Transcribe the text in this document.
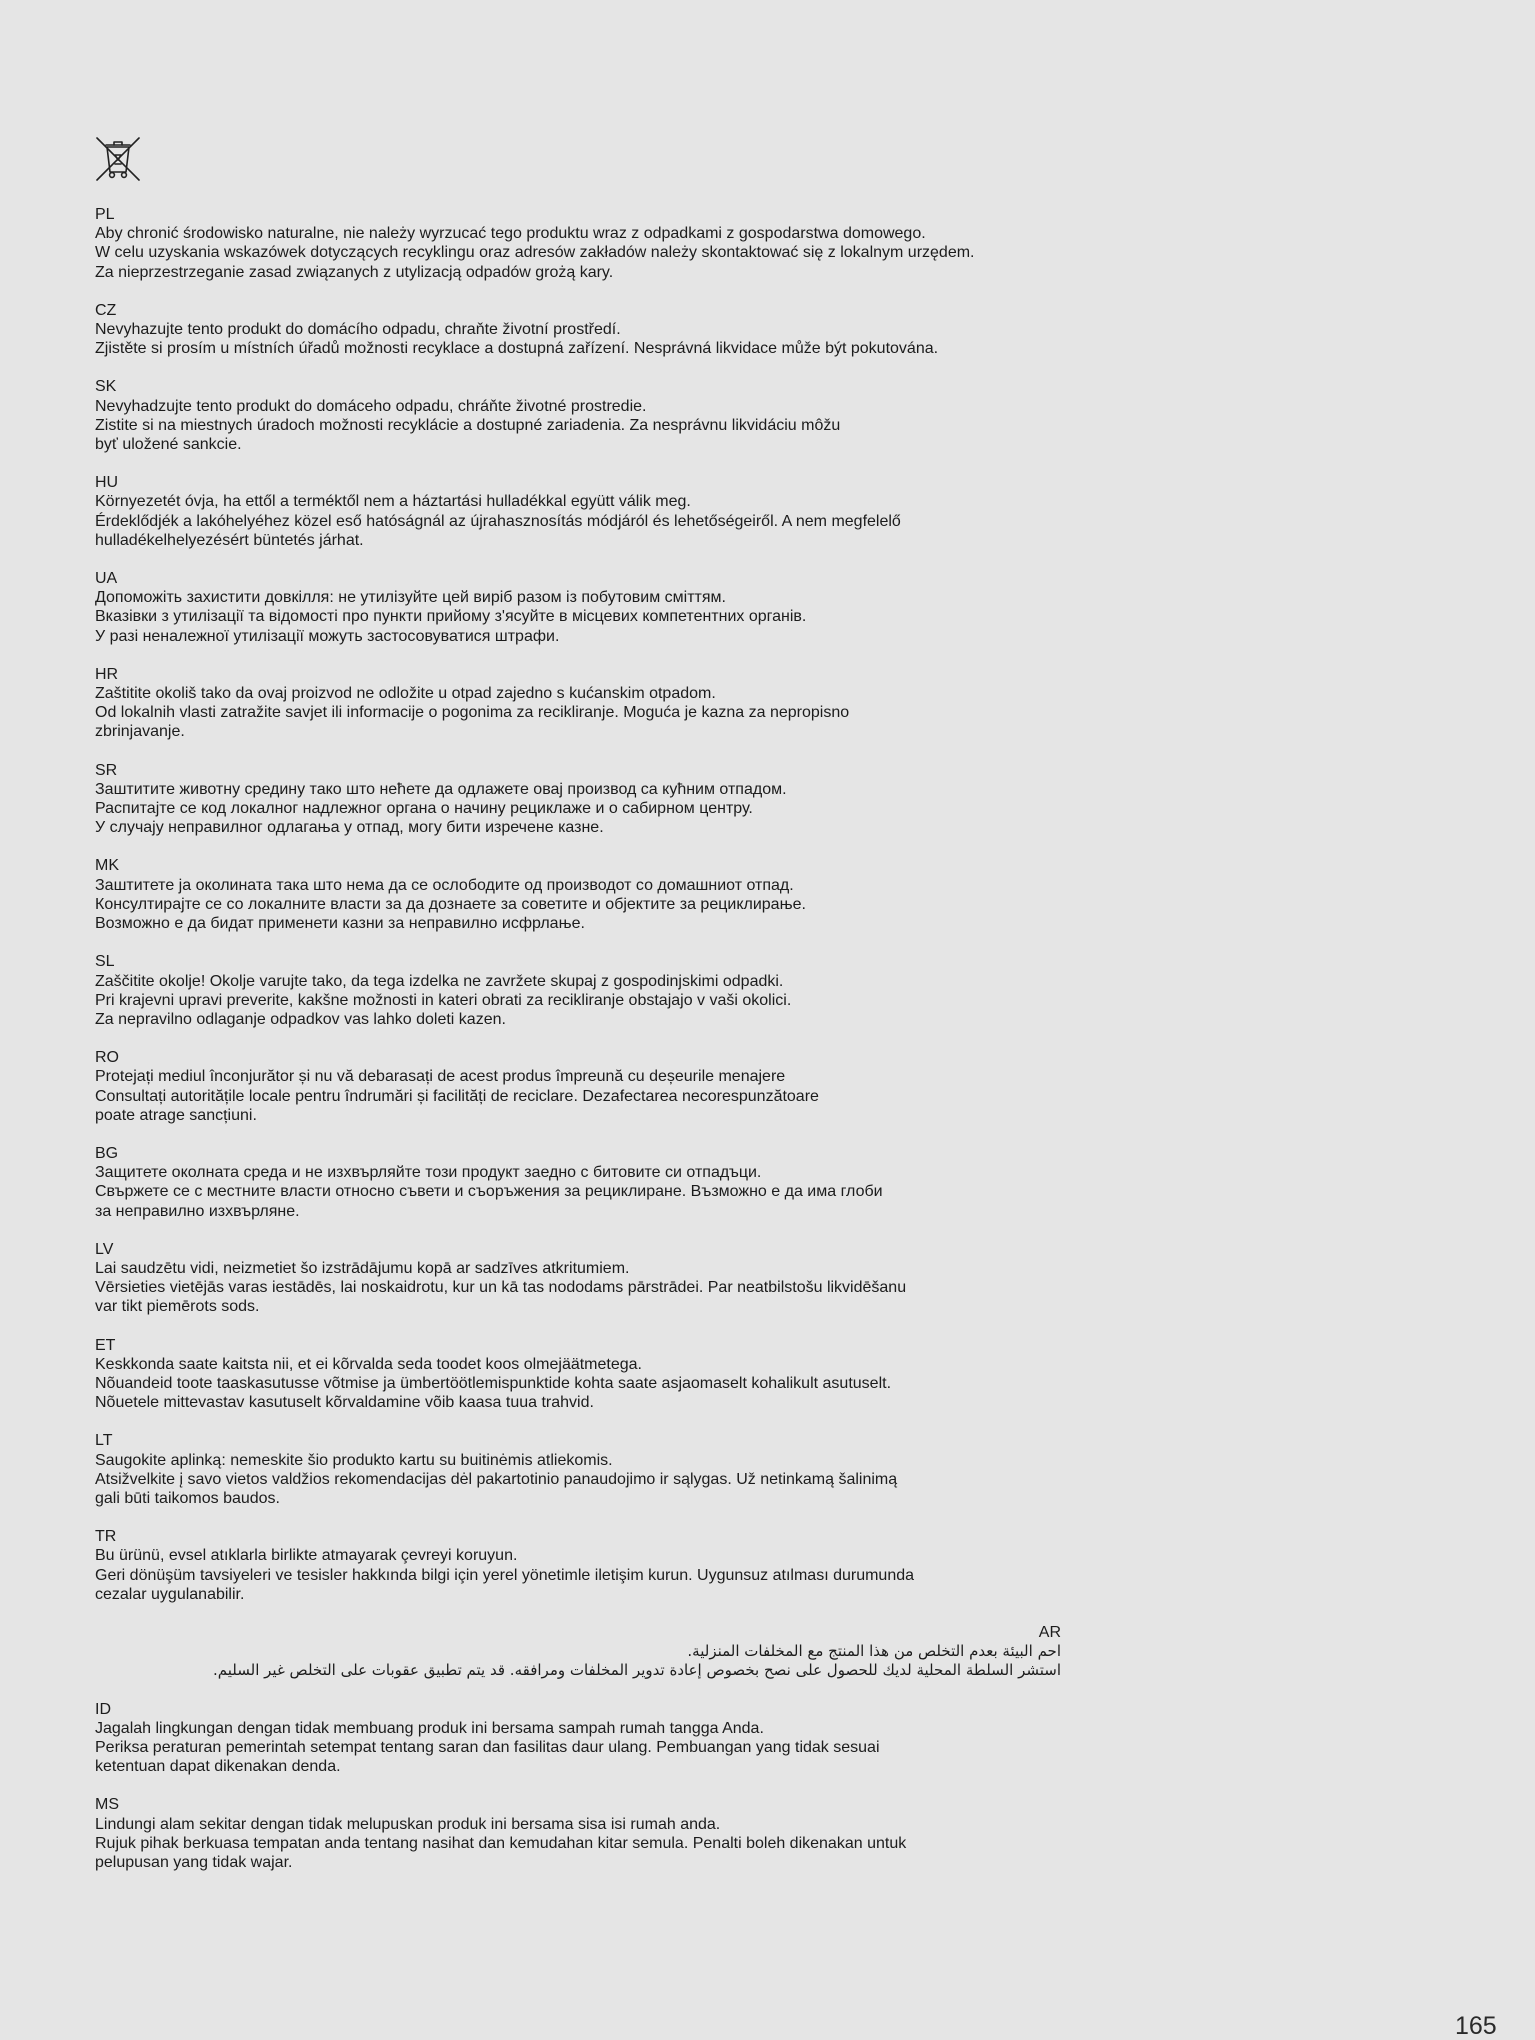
PL
Aby chronić środowisko naturalne, nie należy wyrzucać tego produktu wraz z odpadkami z gospodarstwa domowego.
W celu uzyskania wskazówek dotyczących recyklingu oraz adresów zakładów należy skontaktować się z lokalnym urzędem.
Za nieprzestrzeganie zasad związanych z utylizacją odpadów grożą kary.
CZ
Nevyhazujte tento produkt do domácího odpadu, chraňte životní prostředí.
Zjistěte si prosím u místních úřadů možnosti recyklace a dostupná zařízení. Nesprávná likvidace může být pokutována.
SK
Nevyhadzujte tento produkt do domáceho odpadu, chráňte životné prostredie.
Zistite si na miestnych úradoch možnosti recyklácie a dostupné zariadenia. Za nesprávnu likvidáciu môžu
byť uložené sankcie.
HU
Környezetét óvja, ha ettől a terméktől nem a háztartási hulladékkal együtt válik meg.
Érdeklődjék a lakóhelyéhez közel eső hatóságnál az újrahasznosítás módjáról és lehetőségeiről. A nem megfelelő
hulladékelhelyezésért büntetés járhat.
UA
Допоможіть захистити довкілля: не утилізуйте цей виріб разом із побутовим сміттям.
Вказівки з утилізації та відомості про пункти прийому з'ясуйте в місцевих компетентних органів.
У разі неналежної утилізації можуть застосовуватися штрафи.
HR
Zaštitite okoliš tako da ovaj proizvod ne odložite u otpad zajedno s kućanskim otpadom.
Od lokalnih vlasti zatražite savjet ili informacije o pogonima za recikliranje. Moguća je kazna za nepropisno
zbrinjavanje.
SR
Заштитите животну средину тако што нећете да одлажете овај производ са кућним отпадом.
Распитајте се код локалног надлежног органа о начину рециклаже и о сабирном центру.
У случају неправилног одлагања у отпад, могу бити изречене казне.
MK
Заштитете ја околината така што нема да се ослободите од производот со домашниот отпад.
Консултирајте се со локалните власти за да дознаете за советите и објектите за рециклирање.
Возможно е да бидат применети казни за неправилно исфрлање.
SL
Zaščitite okolje! Okolje varujte tako, da tega izdelka ne zavržete skupaj z gospodinjskimi odpadki.
Pri krajevni upravi preverite, kakšne možnosti in kateri obrati za recikliranje obstajajo v vaši okolici.
Za nepravilno odlaganje odpadkov vas lahko doleti kazen.
RO
Protejați mediul înconjurător și nu vă debarasați de acest produs împreună cu deșeurile menajere
Consultați autoritățile locale pentru îndrumări și facilități de reciclare. Dezafectarea necorespunzătoare
poate atrage sancțiuni.
BG
Защитете околната среда и не изхвърляйте този продукт заедно с битовите си отпадъци.
Свържете се с местните власти относно съвети и съоръжения за рециклиране. Възможно е да има глоби
за неправилно изхвърляне.
LV
Lai saudzētu vidi, neizmetiet šo izstrādājumu kopā ar sadzīves atkritumiem.
Vērsieties vietējās varas iestādēs, lai noskaidrotu, kur un kā tas nododams pārstrādei. Par neatbilstošu likvidēšanu
var tikt piemērots sods.
ET
Keskkonda saate kaitsta nii, et ei kõrvalda seda toodet koos olmejäätmetega.
Nõuandeid toote taaskasutusse võtmise ja ümbertöötlemispunktide kohta saate asjaomaselt kohalikult asutuselt.
Nõuetele mittevastav kasutuselt kõrvaldamine võib kaasa tuua trahvid.
LT
Saugokite aplinką: nemeskite šio produkto kartu su buitinėmis atliekomis.
Atsižvelkite į savo vietos valdžios rekomendacijas dėl pakartotinio panaudojimo ir sąlygas. Už netinkamą šalinimą
gali būti taikomos baudos.
TR
Bu ürünü, evsel atıklarla birlikte atmayarak çevreyi koruyun.
Geri dönüşüm tavsiyeleri ve tesisler hakkında bilgi için yerel yönetimle iletişim kurun. Uygunsuz atılması durumunda
cezalar uygulanabilir.
AR
احم البيئة بعدم التخلص من هذا المنتج مع المخلفات المنزلية.
استشر السلطة المحلية لديك للحصول على نصح بخصوص إعادة تدوير المخلفات ومرافقه. قد يتم تطبيق عقوبات على التخلص غير السليم.
ID
Jagalah lingkungan dengan tidak membuang produk ini bersama sampah rumah tangga Anda.
Periksa peraturan pemerintah setempat tentang saran dan fasilitas daur ulang. Pembuangan yang tidak sesuai
ketentuan dapat dikenakan denda.
MS
Lindungi alam sekitar dengan tidak melupuskan produk ini bersama sisa isi rumah anda.
Rujuk pihak berkuasa tempatan anda tentang nasihat dan kemudahan kitar semula. Penalti boleh dikenakan untuk
pelupusan yang tidak wajar.
165
